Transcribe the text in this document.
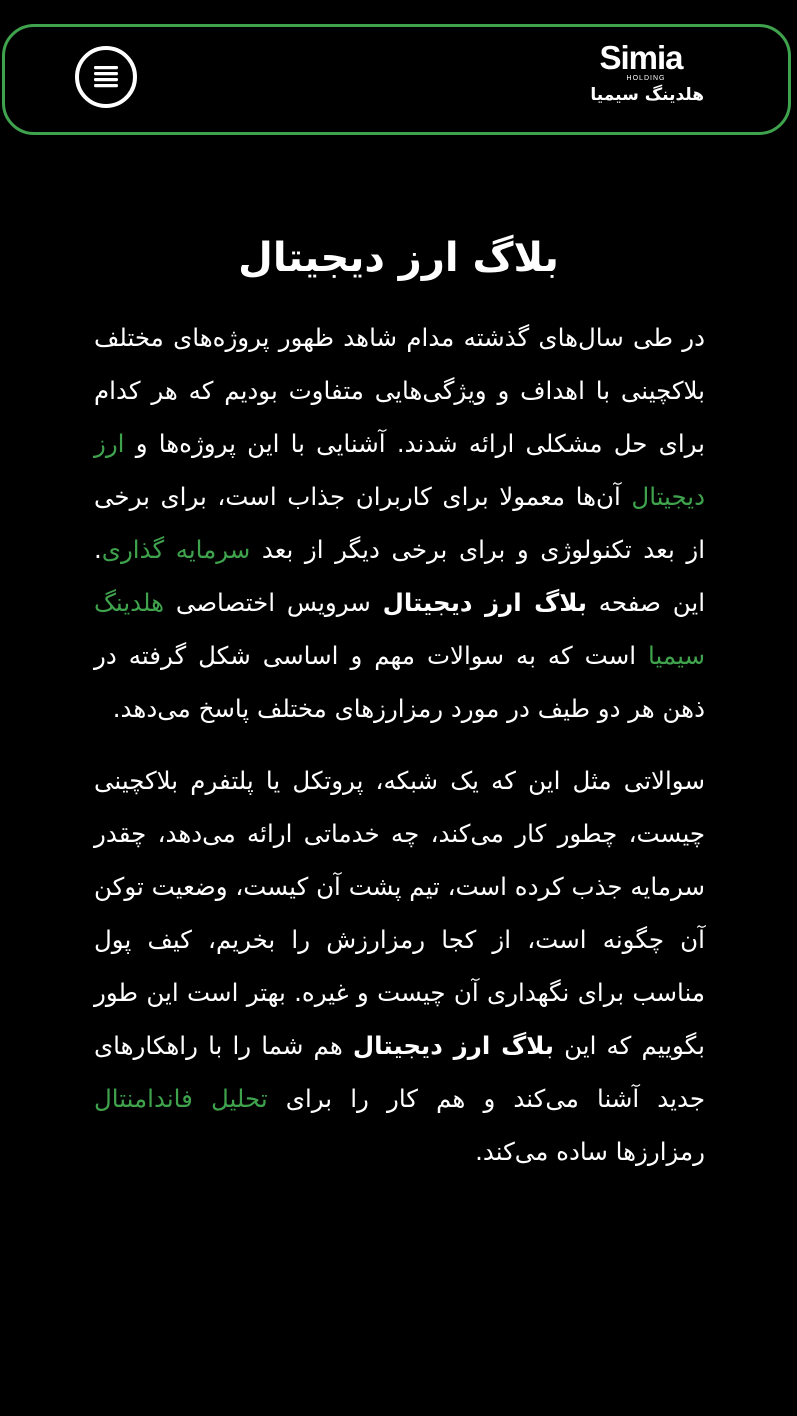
Simia
HOLDING
هلدینگ سیمیا
بلاگ ارز دیجیتال

در طی سال‌های گذشته مدام شاهد ظهور پروژه‌های مختلف بلاکچینی با اهداف و ویژگی‌هایی متفاوت بودیم که هر کدام برای حل مشکلی ارائه شدند. آشنایی با این پروژه‌ها و ارز دیجیتال آن‌ها معمولا برای کاربران جذاب است، برای برخی از بعد تکنولوژی و برای برخی دیگر از بعد سرمایه گذاری. این صفحه بلاگ ارز دیجیتال سرویس اختصاصی هلدینگ سیمیا است که به سوالات مهم و اساسی شکل گرفته در ذهن هر دو طیف در مورد رمزارزهای مختلف پاسخ می‌دهد.

سوالاتی مثل این که یک شبکه، پروتکل یا پلتفرم بلاکچینی چیست، چطور کار می‌کند، چه خدماتی ارائه می‌دهد، چقدر سرمایه جذب کرده است، تیم پشت آن کیست، وضعیت توکن آن چگونه است، از کجا رمزارزش را بخریم، کیف پول مناسب برای نگهداری آن چیست و غیره. بهتر است این طور بگوییم که این بلاگ ارز دیجیتال هم شما را با راهکارهای جدید آشنا می‌کند و هم کار را برای تحلیل فاندامنتال رمزارزها ساده می‌کند.
